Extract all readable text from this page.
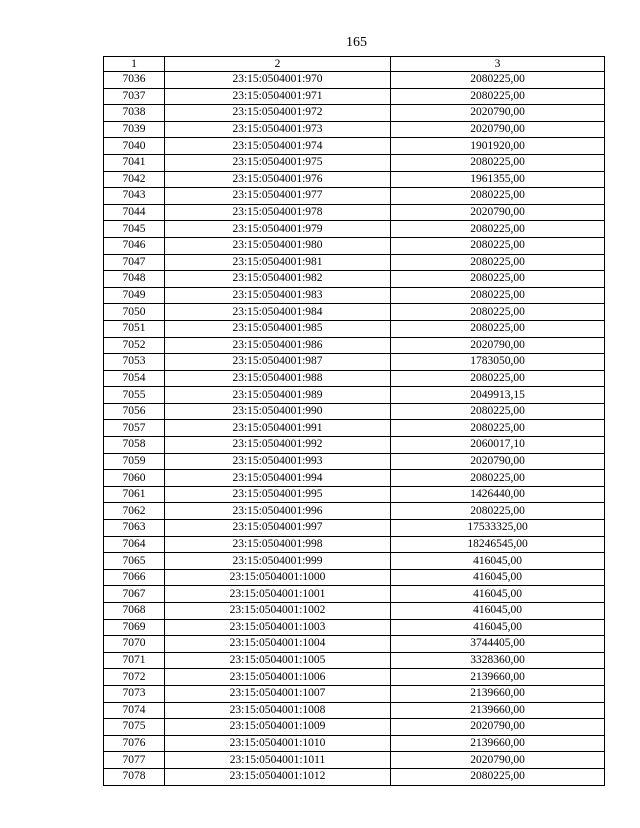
165
1	2	3
7036	23:15:0504001:970	2080225,00
7037	23:15:0504001:971	2080225,00
7038	23:15:0504001:972	2020790,00
7039	23:15:0504001:973	2020790,00
7040	23:15:0504001:974	1901920,00
7041	23:15:0504001:975	2080225,00
7042	23:15:0504001:976	1961355,00
7043	23:15:0504001:977	2080225,00
7044	23:15:0504001:978	2020790,00
7045	23:15:0504001:979	2080225,00
7046	23:15:0504001:980	2080225,00
7047	23:15:0504001:981	2080225,00
7048	23:15:0504001:982	2080225,00
7049	23:15:0504001:983	2080225,00
7050	23:15:0504001:984	2080225,00
7051	23:15:0504001:985	2080225,00
7052	23:15:0504001:986	2020790,00
7053	23:15:0504001:987	1783050,00
7054	23:15:0504001:988	2080225,00
7055	23:15:0504001:989	2049913,15
7056	23:15:0504001:990	2080225,00
7057	23:15:0504001:991	2080225,00
7058	23:15:0504001:992	2060017,10
7059	23:15:0504001:993	2020790,00
7060	23:15:0504001:994	2080225,00
7061	23:15:0504001:995	1426440,00
7062	23:15:0504001:996	2080225,00
7063	23:15:0504001:997	17533325,00
7064	23:15:0504001:998	18246545,00
7065	23:15:0504001:999	416045,00
7066	23:15:0504001:1000	416045,00
7067	23:15:0504001:1001	416045,00
7068	23:15:0504001:1002	416045,00
7069	23:15:0504001:1003	416045,00
7070	23:15:0504001:1004	3744405,00
7071	23:15:0504001:1005	3328360,00
7072	23:15:0504001:1006	2139660,00
7073	23:15:0504001:1007	2139660,00
7074	23:15:0504001:1008	2139660,00
7075	23:15:0504001:1009	2020790,00
7076	23:15:0504001:1010	2139660,00
7077	23:15:0504001:1011	2020790,00
7078	23:15:0504001:1012	2080225,00
